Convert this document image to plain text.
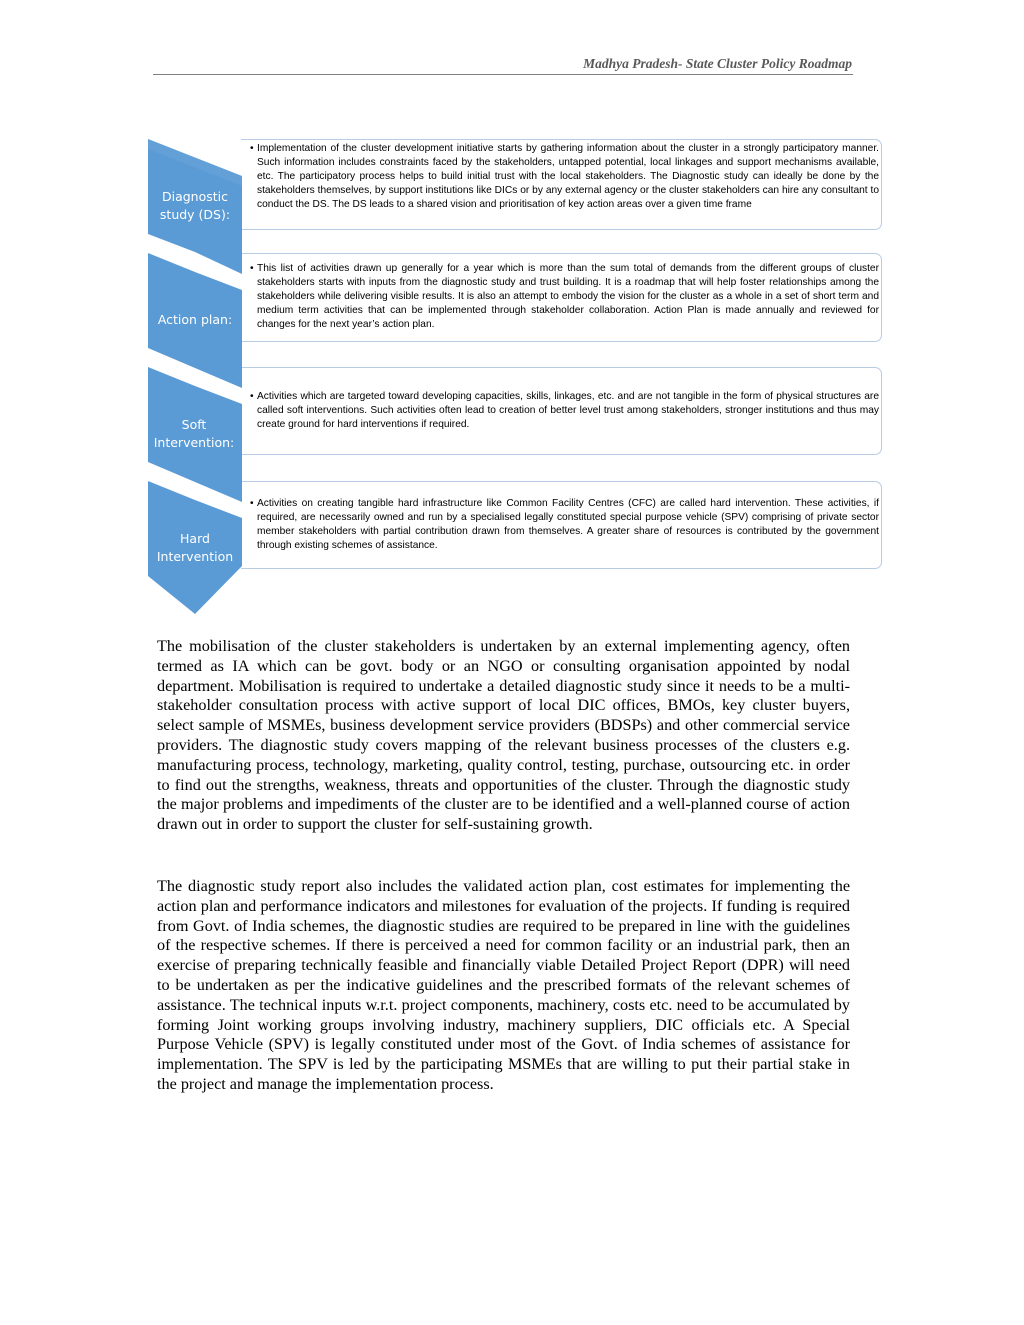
Madhya Pradesh- State Cluster Policy Roadmap
Diagnostic study (DS):
Action plan:
Soft Intervention:
Hard Intervention
• Implementation of the cluster development initiative starts by gathering information about the cluster in a strongly participatory manner. Such information includes constraints faced by the stakeholders, untapped potential, local linkages and support mechanisms available, etc. The participatory process helps to build initial trust with the local stakeholders. The Diagnostic study can ideally be done by the stakeholders themselves, by support institutions like DICs or by any external agency or the cluster stakeholders can hire any consultant to conduct the DS. The DS leads to a shared vision and prioritisation of key action areas over a given time frame
• This list of activities drawn up generally for a year which is more than the sum total of demands from the different groups of cluster stakeholders starts with inputs from the diagnostic study and trust building. It is a roadmap that will help foster relationships among the stakeholders while delivering visible results. It is also an attempt to embody the vision for the cluster as a whole in a set of short term and medium term activities that can be implemented through stakeholder collaboration. Action Plan is made annually and reviewed for changes for the next year’s action plan.
• Activities which are targeted toward developing capacities, skills, linkages, etc. and are not tangible in the form of physical structures are called soft interventions. Such activities often lead to creation of better level trust among stakeholders, stronger institutions and thus may create ground for hard interventions if required.
• Activities on creating tangible hard infrastructure like Common Facility Centres (CFC) are called hard intervention. These activities, if required, are necessarily owned and run by a specialised legally constituted special purpose vehicle (SPV) comprising of private sector member stakeholders with partial contribution drawn from themselves. A greater share of resources is contributed by the government through existing schemes of assistance.

The mobilisation of the cluster stakeholders is undertaken by an external implementing agency, often termed as IA which can be govt. body or an NGO or consulting organisation appointed by nodal department. Mobilisation is required to undertake a detailed diagnostic study since it needs to be a multi-stakeholder consultation process with active support of local DIC offices, BMOs, key cluster buyers, select sample of MSMEs, business development service providers (BDSPs) and other commercial service providers. The diagnostic study covers mapping of the relevant business processes of the clusters e.g. manufacturing process, technology, marketing, quality control, testing, purchase, outsourcing etc. in order to find out the strengths, weakness, threats and opportunities of the cluster. Through the diagnostic study the major problems and impediments of the cluster are to be identified and a well-planned course of action drawn out in order to support the cluster for self-sustaining growth.

The diagnostic study report also includes the validated action plan, cost estimates for implementing the action plan and performance indicators and milestones for evaluation of the projects. If funding is required from Govt. of India schemes, the diagnostic studies are required to be prepared in line with the guidelines of the respective schemes. If there is perceived a need for common facility or an industrial park, then an exercise of preparing technically feasible and financially viable Detailed Project Report (DPR) will need to be undertaken as per the indicative guidelines and the prescribed formats of the relevant schemes of assistance. The technical inputs w.r.t. project components, machinery, costs etc. need to be accumulated by forming Joint working groups involving industry, machinery suppliers, DIC officials etc. A Special Purpose Vehicle (SPV) is legally constituted under most of the Govt. of India schemes of assistance for implementation. The SPV is led by the participating MSMEs that are willing to put their partial stake in the project and manage the implementation process.
